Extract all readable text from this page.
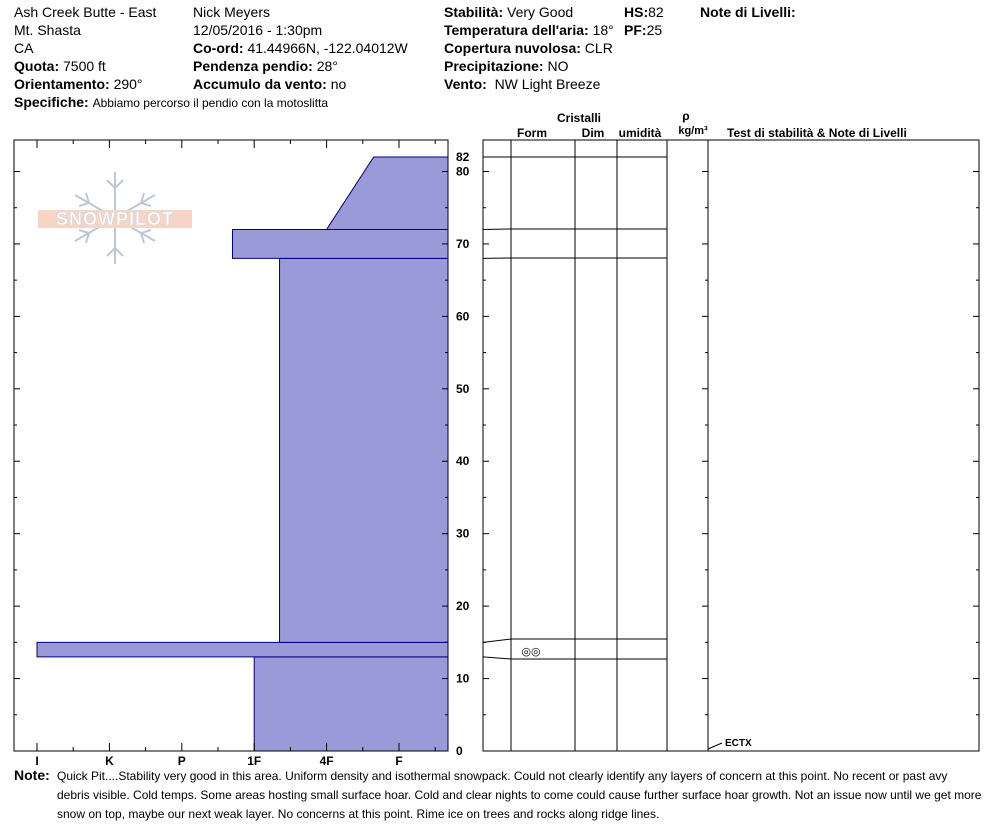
Ash Creek Butte - East
Mt. Shasta
CA
Quota: 7500 ft
Orientamento: 290°
Specifiche: Abbiamo percorso il pendio con la motoslitta
Nick Meyers
12/05/2016 - 1:30pm
Co-ord: 41.44966N, -122.04012W
Pendenza pendio: 28°
Accumulo da vento: no
Stabilità: Very Good	HS:82
Temperatura dell'aria: 18° PF:25
Copertura nuvolosa: CLR
Precipitazione: NO
Vento: NW Light Breeze
Note di Livelli:
SNOWPILOT
I	K	P	1F	4F	F
0
10
20
30
40
50
60
70
80
82
◎◎
ECTX
Cristalli
Form	Dim umidità
ρ
kg/m³ Test di stabilità & Note di Livelli
Note: Quick Pit....Stability very good in this area. Uniform density and isothermal snowpack. Could not clearly identify any layers of concern at this point. No recent or past avy debris visible. Cold temps. Some areas hosting small surface hoar. Cold and clear nights to come could cause further surface hoar growth. Not an issue now until we get more snow on top, maybe our next weak layer. No concerns at this point. Rime ice on trees and rocks along ridge lines.
